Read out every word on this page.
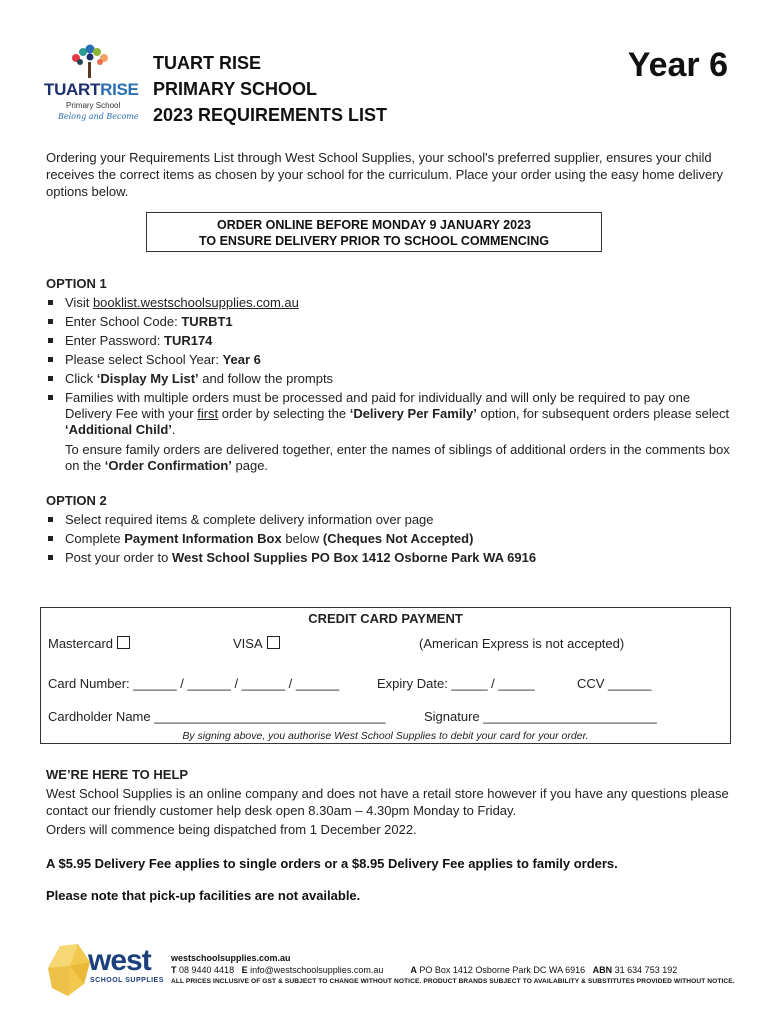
TUARTRISE
Primary School
Belong and Become
TUART RISE
PRIMARY SCHOOL
2023 REQUIREMENTS LIST
Year 6

Ordering your Requirements List through West School Supplies, your school's preferred supplier, ensures your child receives the correct items as chosen by your school for the curriculum. Place your order using the easy home delivery options below.

ORDER ONLINE BEFORE MONDAY 9 JANUARY 2023
TO ENSURE DELIVERY PRIOR TO SCHOOL COMMENCING
OPTION 1
Visit booklist.westschoolsupplies.com.au
Enter School Code: TURBT1
Enter Password: TUR174
Please select School Year: Year 6
Click ‘Display My List’ and follow the prompts
Families with multiple orders must be processed and paid for individually and will only be required to pay one Delivery Fee with your first order by selecting the ‘Delivery Per Family’ option, for subsequent orders please select ‘Additional Child’.
To ensure family orders are delivered together, enter the names of siblings of additional orders in the comments box on the ‘Order Confirmation’ page.
OPTION 2
Select required items & complete delivery information over page
Complete Payment Information Box below (Cheques Not Accepted)
Post your order to West School Supplies PO Box 1412 Osborne Park WA 6916
CREDIT CARD PAYMENT
Mastercard	VISA	(American Express is not accepted)
Card Number: ______ / ______ / ______ / ______	Expiry Date: _____ / _____	CCV ______
Cardholder Name ________________________________	Signature ________________________
By signing above, you authorise West School Supplies to debit your card for your order.
WE’RE HERE TO HELP

West School Supplies is an online company and does not have a retail store however if you have any questions please contact our friendly customer help desk open 8.30am – 4.30pm Monday to Friday.

Orders will commence being dispatched from 1 December 2022.

A $5.95 Delivery Fee applies to single orders or a $8.95 Delivery Fee applies to family orders.
Please note that pick-up facilities are not available.
west
SCHOOL SUPPLIES
westschoolsupplies.com.au
T 08 9440 4418 E info@westschoolsupplies.com.au	A PO Box 1412 Osborne Park DC WA 6916 ABN 31 634 753 192
ALL PRICES INCLUSIVE OF GST & SUBJECT TO CHANGE WITHOUT NOTICE. PRODUCT BRANDS SUBJECT TO AVAILABILITY & SUBSTITUTES PROVIDED WITHOUT NOTICE.
